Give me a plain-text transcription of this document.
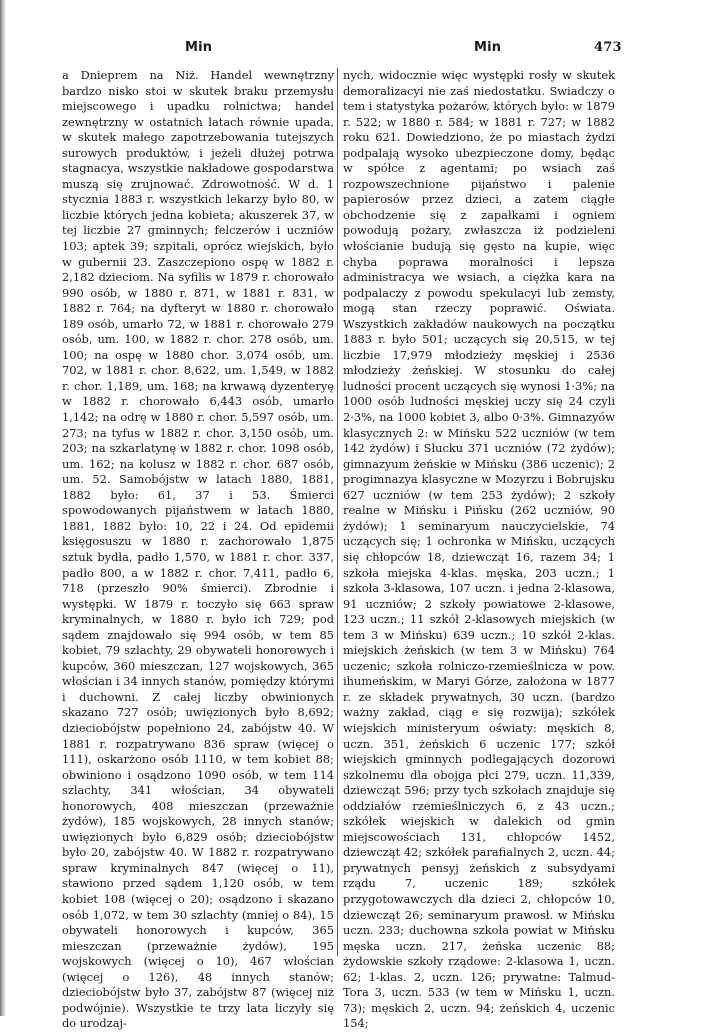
Min	Min	473

a Dnieprem na Niż. Handel wewnętrzny bardzo nisko stoi w skutek braku przemysłu miejscowego i upadku rolnictwa; handel zewnętrzny w ostatnich latach równie upada, w skutek małego zapotrzebowania tutejszych surowych produktów, i jeżeli dłużej potrwa stagnacya, wszystkie nakładowe gospodarstwa muszą się zrujnować. Zdrowotność. W d. 1 stycznia 1883 r. wszystkich lekarzy było 80, w liczbie których jedna kobieta; akuszerek 37, w tej liczbie 27 gminnych; felczerów i uczniów 103; aptek 39; szpitali, oprócz wiejskich, było w gubernii 23. Zaszczepiono ospę w 1882 r. 2,182 dzieciom. Na syfilis w 1879 r. chorowało 990 osób, w 1880 r. 871, w 1881 r. 831, w 1882 r. 764; na dyfteryt w 1880 r. chorowało 189 osób, umarło 72, w 1881 r. chorowało 279 osób, um. 100, w 1882 r. chor. 278 osób, um. 100; na ospę w 1880 chor. 3,074 osób, um. 702, w 1881 r. chor. 8,622, um. 1,549, w 1882 r. chor. 1,189, um. 168; na krwawą dyzenteryę w 1882 r. chorowało 6,443 osób, umarło 1,142; na odrę w 1880 r. chor. 5,597 osób, um. 273; na tyfus w 1882 r. chor. 3,150 osób, um. 203; na szkarlatynę w 1882 r. chor. 1098 osób, um. 162; na kolusz w 1882 r. chor. 687 osób, um. 52. Samobójstw w latach 1880, 1881, 1882 było: 61, 37 i 53. Śmierci spowodowanych pijaństwem w latach 1880, 1881, 1882 było: 10, 22 i 24. Od epidemii księgosuszu w 1880 r. zachorowało 1,875 sztuk bydła, padło 1,570, w 1881 r. chor. 337, padło 800, a w 1882 r. chor. 7,411, padło 6, 718 (przeszło 90% śmierci). Zbrodnie i występki. W 1879 r. toczyło się 663 spraw kryminalnych, w 1880 r. było ich 729; pod sądem znajdowało się 994 osób, w tem 85 kobiet, 79 szlachty, 29 obywateli honorowych i kupców, 360 mieszczan, 127 wojskowych, 365 włościan i 34 innych stanów, pomiędzy którymi i duchowni. Z całej liczby obwinionych skazano 727 osób; uwięzionych było 8,692; dzieciobójstw popełniono 24, zabójstw 40. W 1881 r. rozpatrywano 836 spraw (więcej o 111), oskarżono osób 1110, w tem kobiet 88; obwiniono i osądzono 1090 osób, w tem 114 szlachty, 341 włościan, 34 obywateli honorowych, 408 mieszczan (przeważnie żydów), 185 wojskowych, 28 innych stanów; uwięzionych było 6,829 osób; dzieciobójstw było 20, zabójstw 40. W 1882 r. rozpatrywano spraw kryminalnych 847 (więcej o 11), stawiono przed sądem 1,120 osób, w tem kobiet 108 (więcej o 20); osądzono i skazano osób 1,072, w tem 30 szlachty (mniej o 84), 15 obywateli honorowych i kupców, 365 mieszczan (przeważnie żydów), 195 wojskowych (więcej o 10), 467 włościan (więcej o 126), 48 innych stanów; dzieciobójstw było 37, zabójstw 87 (więcej niż podwójnie). Wszystkie te trzy lata liczyły się do urodzaj-

nych, widocznie więc występki rosły w skutek demoralizacyi nie zaś niedostatku. Swiadczy o tem i statystyka pożarów, których było: w 1879 r. 522; w 1880 r. 584; w 1881 r. 727; w 1882 roku 621. Dowiedziono, że po miastach żydzi podpalają wysoko ubezpieczone domy, będąc w spółce z agentami; po wsiach zaś rozpowszechnione pijaństwo i palenie papierosów przez dzieci, a zatem ciągłe obchodzenie się z zapałkami i ogniem powodują pożary, zwłaszcza iż podzieleni włościanie budują się gęsto na kupie, więc chyba poprawa moralności i lepsza administracya we wsiach, a ciężka kara na podpalaczy z powodu spekulacyi lub zemsty, mogą stan rzeczy poprawić. Oświata. Wszystkich zakładów naukowych na początku 1883 r. było 501; uczących się 20,515, w tej liczbie 17,979 młodzieży męskiej i 2536 młodzieży żeńskiej. W stosunku do całej ludności procent uczących się wynosi 1·3%; na 1000 osób ludności męskiej uczy się 24 czyli 2·3%, na 1000 kobiet 3, albo 0·3%. Gimnazyów klasycznych 2: w Mińsku 522 uczniów (w tem 142 żydów) i Słucku 371 uczniów (72 żydów); gimnazyum żeńskie w Mińsku (386 uczenic); 2 progimnazya klasyczne w Mozyrzu i Bobrujsku 627 uczniów (w tem 253 żydów); 2 szkoły realne w Mińsku i Pińsku (262 uczniów, 90 żydów); 1 seminaryum nauczycielskie, 74 uczących się; 1 ochronka w Mińsku, uczących się chłopców 18, dziewcząt 16, razem 34; 1 szkoła miejska 4-klas. męska, 203 uczn.; 1 szkoła 3-klasowa, 107 uczn. i jedna 2-klasowa, 91 uczniów; 2 szkoły powiatowe 2-klasowe, 123 uczn.; 11 szkół 2-klasowych miejskich (w tem 3 w Mińsku) 639 uczn.; 10 szkół 2-klas. miejskich żeńskich (w tem 3 w Mińsku) 764 uczenic; szkoła rolniczo-rzemieślnicza w pow. ihumeńskim, w Maryi Górze, założona w 1877 r. ze składek prywatnych, 30 uczn. (bardzo ważny zakład, ciąg e się rozwija); szkółek wiejskich ministeryum oświaty: męskich 8, uczn. 351, żeńskich 6 uczenic 177; szkół wiejskich gminnych podlegających dozorowi szkolnemu dla obojga płci 279, uczn. 11,339, dziewcząt 596; przy tych szkołach znajduje się oddziałów rzemieślniczych 6, z 43 uczn.; szkółek wiejskich w dalekich od gmin miejscowościach 131, chłopców 1452, dziewcząt 42; szkółek parafialnych 2, uczn. 44; prywatnych pensyj żeńskich z subsydyami rządu 7, uczenic 189; szkółek przygotowawczych dla dzieci 2, chłopców 10, dziewcząt 26; seminaryum prawosł. w Mińsku uczn. 233; duchowna szkoła powiat w Mińsku męska uczn. 217, żeńska uczenic 88; żydowskie szkoły rządowe: 2-klasowa 1, uczn. 62; 1-klas. 2, uczn. 126; prywatne: Talmud-Tora 3, uczn. 533 (w tem w Mińsku 1, uczn. 73); męskich 2, uczn. 94; żeńskich 4, uczenic 154;
